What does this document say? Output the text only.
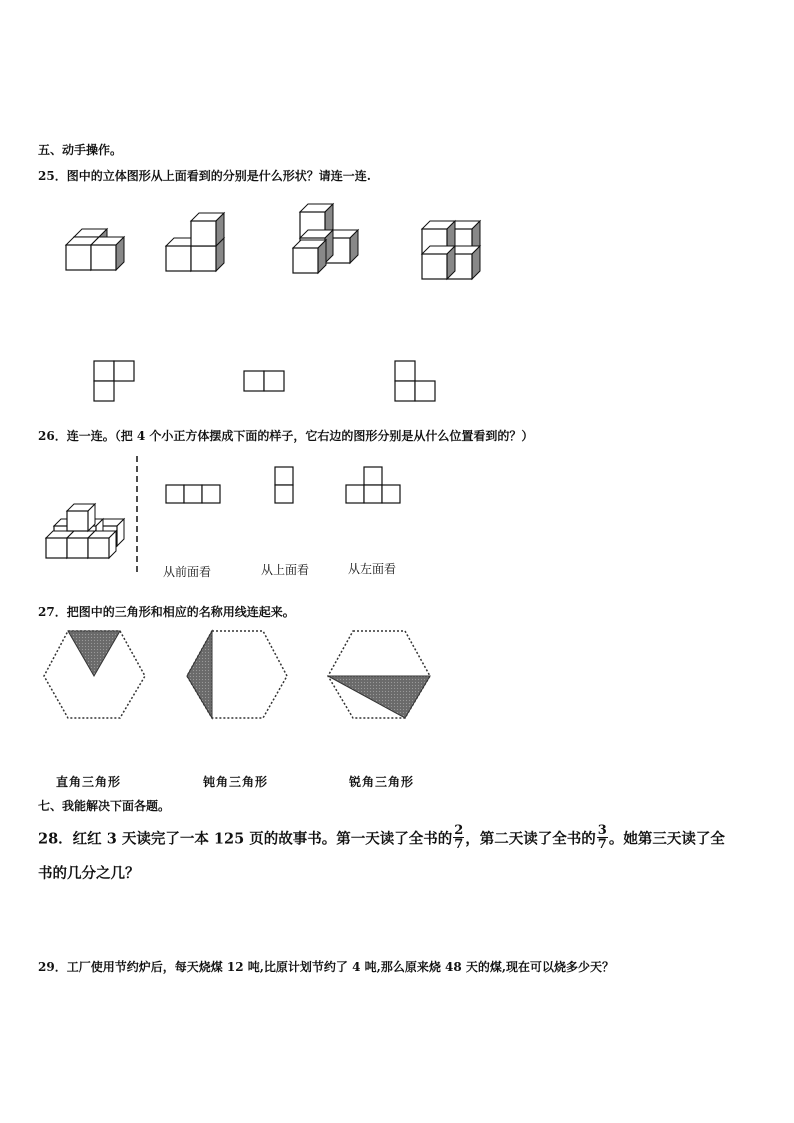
五、动手操作。
25．图中的立体图形从上面看到的分别是什么形状？请连一连.
26．连一连。（把 4 个小正方体摆成下面的样子，它右边的图形分别是从什么位置看到的？）
从前面看	从上面看	从左面看
27．把图中的三角形和相应的名称用线连起来。
直角三角形	钝角三角形	锐角三角形
七、我能解决下面各题。
28．红红 3 天读完了一本 125 页的故事书。第一天读了全书的 $\frac{2}{7}$ ，第二天读了全书的 $\frac{3}{7}$ 。她第三天读了全
书的几分之几？
29．工厂使用节约炉后，每天烧煤 12 吨,比原计划节约了 4 吨,那么原来烧 48 天的煤,现在可以烧多少天？
